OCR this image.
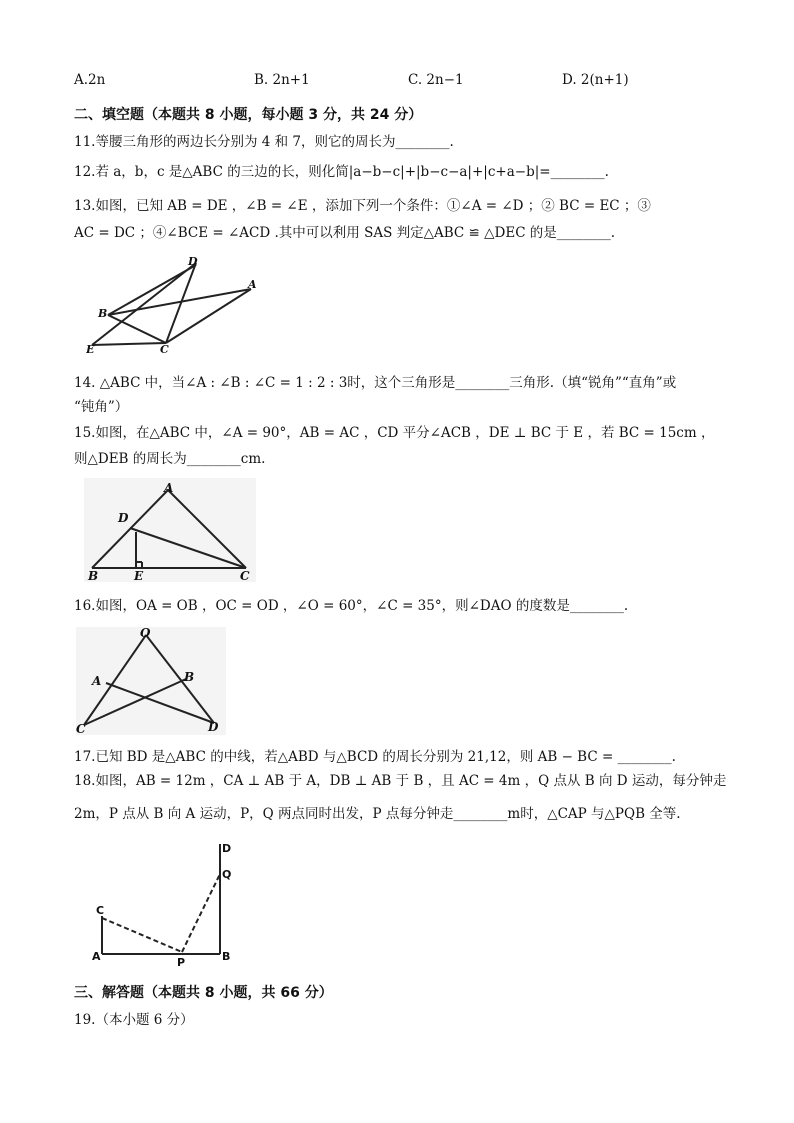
A.2n	B. 2n+1	C. 2n−1	D. 2(n+1)
二、填空题（本题共 8 小题，每小题 3 分，共 24 分）
11.等腰三角形的两边长分别为 4 和 7，则它的周长为________.
12.若 a，b，c 是△ABC 的三边的长，则化简|a−b−c|+|b−c−a|+|c+a−b|=________.
13.如图，已知 AB = DE ，∠B = ∠E ，添加下列一个条件：①∠A = ∠D ；② BC = EC ；③
AC = DC ；④∠BCE = ∠ACD .其中可以利用 SAS 判定△ABC ≌ △DEC 的是________.
D
A
B
E	C
14. △ABC 中，当∠A : ∠B : ∠C = 1 : 2 : 3时，这个三角形是________三角形.（填“锐角”“直角”或
“钝角”）
15.如图，在△ABC 中，∠A = 90°，AB = AC ，CD 平分∠ACB ，DE ⊥ BC 于 E ，若 BC = 15cm ，
则△DEB 的周长为________cm.
A
D
B	E	C
16.如图，OA = OB ，OC = OD ，∠O = 60°，∠C = 35°，则∠DAO 的度数是________.
O
A	B
C	D
17.已知 BD 是△ABC 的中线，若△ABD 与△BCD 的周长分别为 21,12，则 AB − BC = ________.
18.如图，AB = 12m ，CA ⊥ AB 于 A，DB ⊥ AB 于 B ，且 AC = 4m ，Q 点从 B 向 D 运动，每分钟走
2m，P 点从 B 向 A 运动，P，Q 两点同时出发，P 点每分钟走________m时，△CAP 与△PQB 全等.
D
Q
C
A	P	B
三、解答题（本题共 8 小题，共 66 分）
19.（本小题 6 分）
